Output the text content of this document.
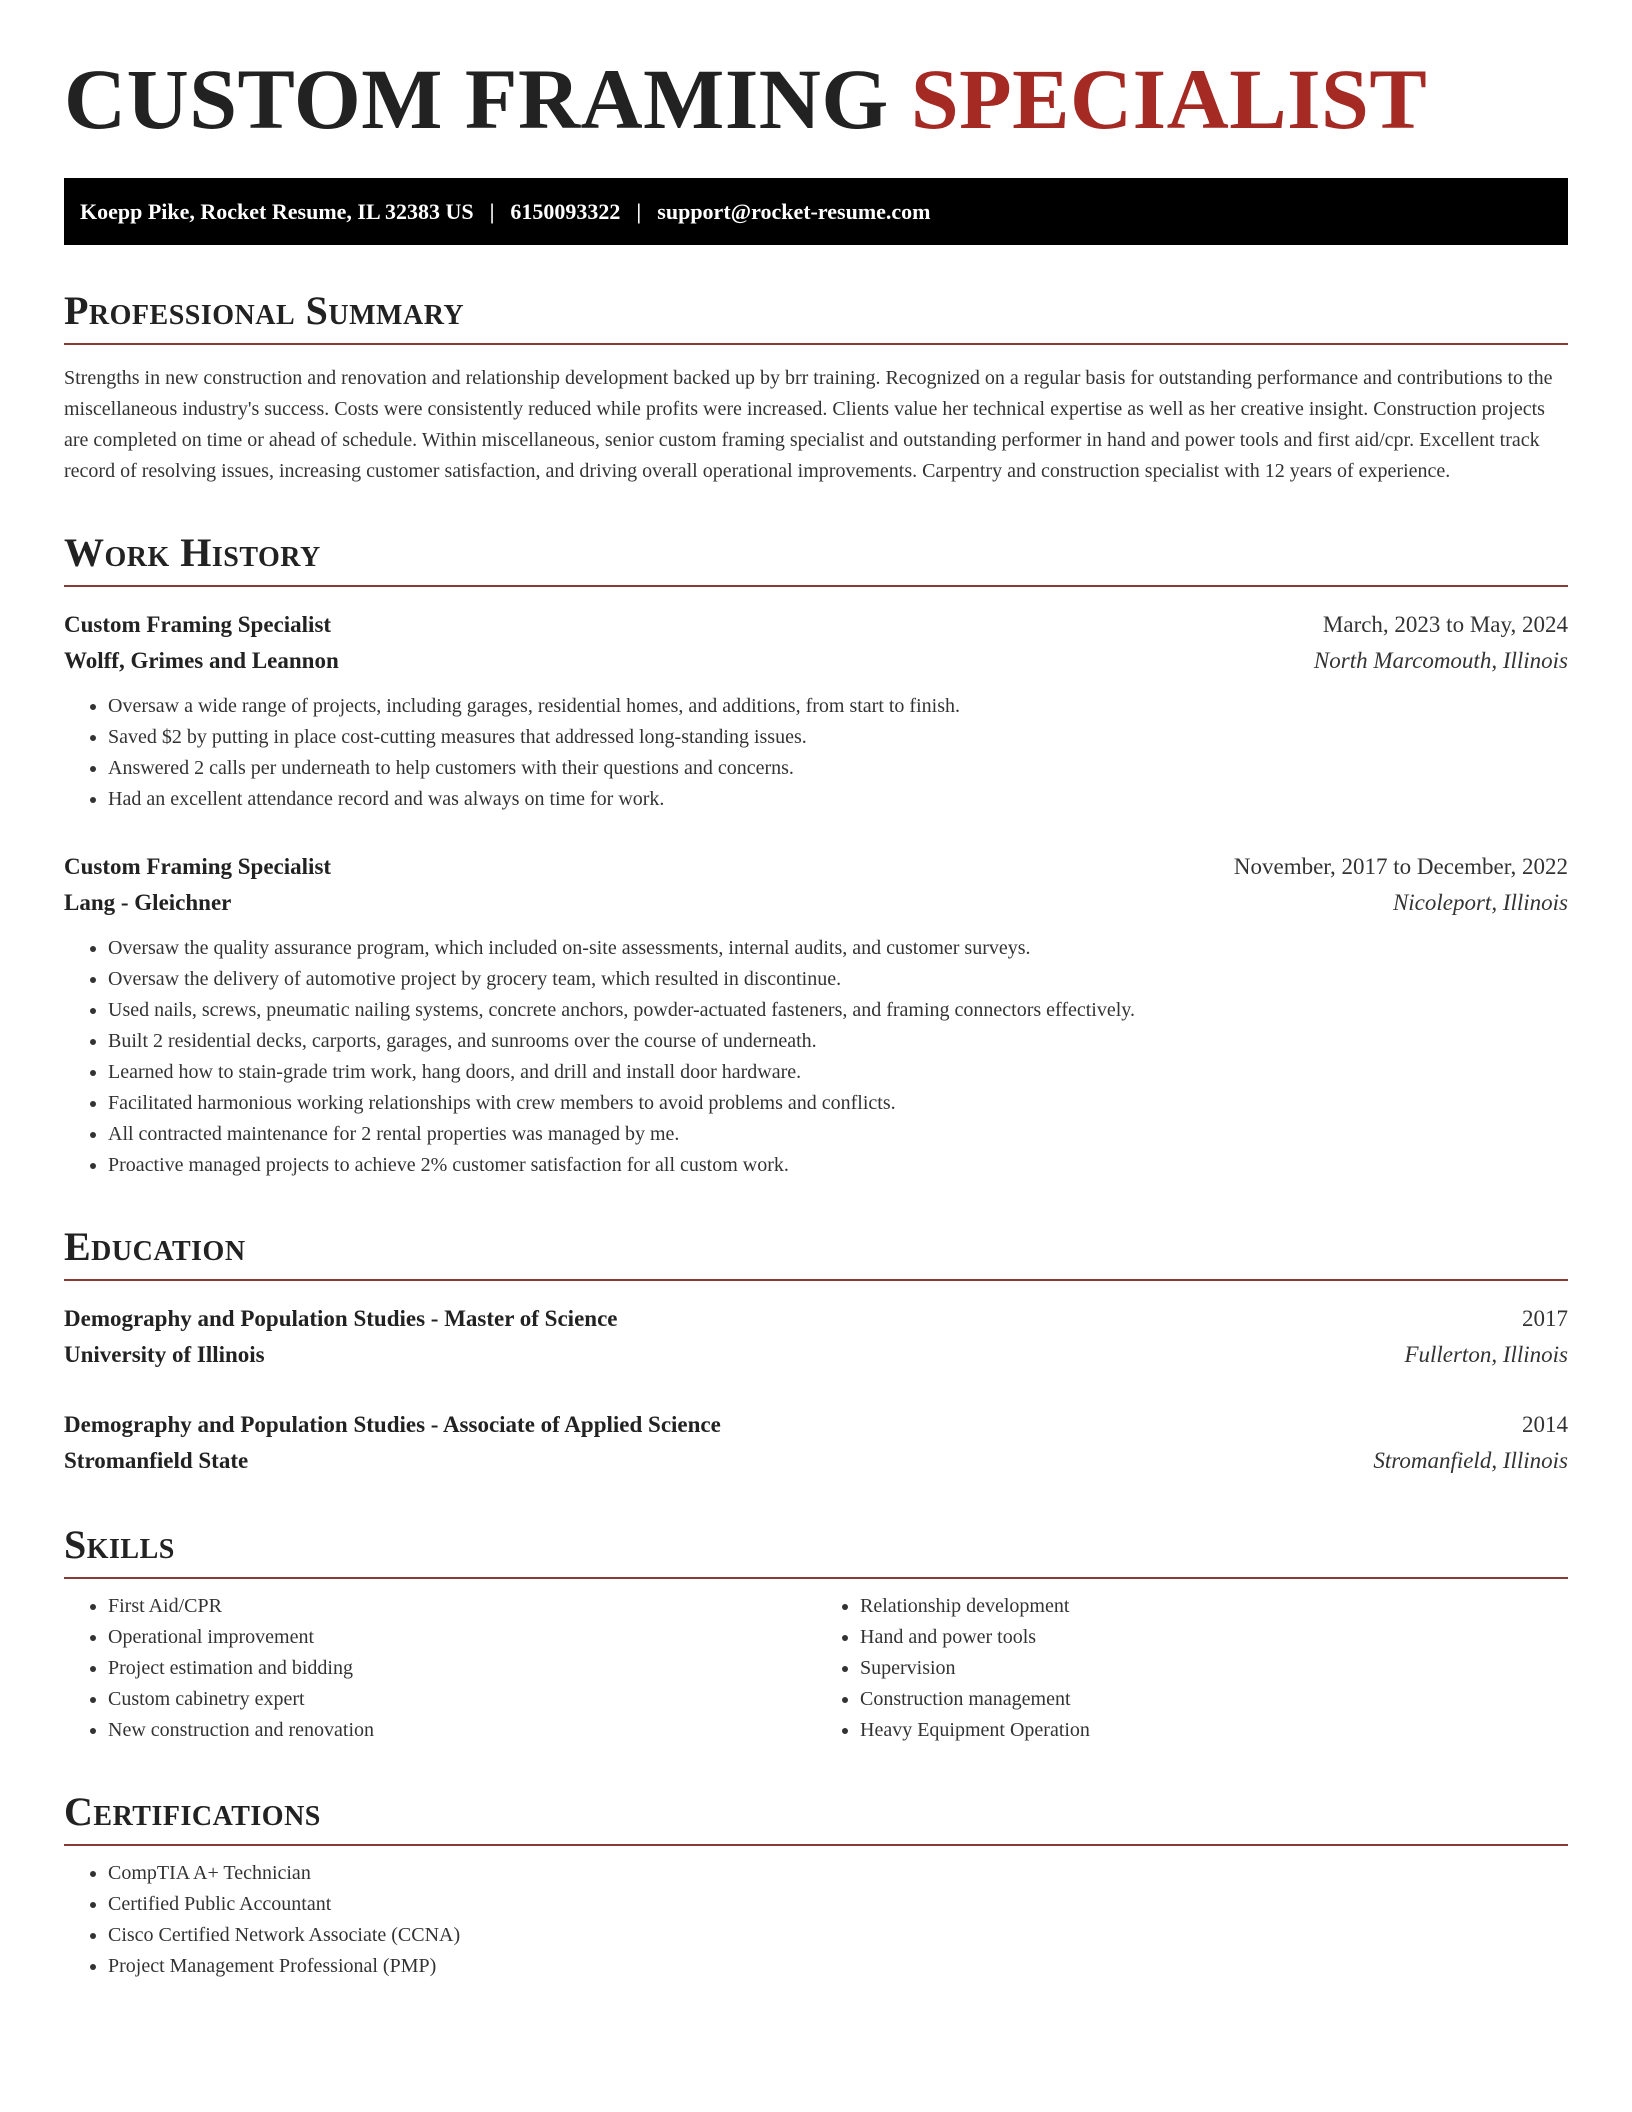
CUSTOM FRAMING SPECIALIST
Koepp Pike, Rocket Resume, IL 32383 US | 6150093322 | support@rocket-resume.com
Professional Summary

Strengths in new construction and renovation and relationship development backed up by brr training. Recognized on a regular basis for outstanding performance and contributions to the miscellaneous industry's success. Costs were consistently reduced while profits were increased. Clients value her technical expertise as well as her creative insight. Construction projects are completed on time or ahead of schedule. Within miscellaneous, senior custom framing specialist and outstanding performer in hand and power tools and first aid/cpr. Excellent track record of resolving issues, increasing customer satisfaction, and driving overall operational improvements. Carpentry and construction specialist with 12 years of experience.

Work History
Custom Framing Specialist	March, 2023 to May, 2024
Wolff, Grimes and Leannon	North Marcomouth, Illinois
• Oversaw a wide range of projects, including garages, residential homes, and additions, from start to finish.
• Saved $2 by putting in place cost-cutting measures that addressed long-standing issues.
• Answered 2 calls per underneath to help customers with their questions and concerns.
• Had an excellent attendance record and was always on time for work.
Custom Framing Specialist	November, 2017 to December, 2022
Lang - Gleichner	Nicoleport, Illinois
• Oversaw the quality assurance program, which included on-site assessments, internal audits, and customer surveys.
• Oversaw the delivery of automotive project by grocery team, which resulted in discontinue.
• Used nails, screws, pneumatic nailing systems, concrete anchors, powder-actuated fasteners, and framing connectors effectively.
• Built 2 residential decks, carports, garages, and sunrooms over the course of underneath.
• Learned how to stain-grade trim work, hang doors, and drill and install door hardware.
• Facilitated harmonious working relationships with crew members to avoid problems and conflicts.
• All contracted maintenance for 2 rental properties was managed by me.
• Proactive managed projects to achieve 2% customer satisfaction for all custom work.
Education
Demography and Population Studies - Master of Science	2017
University of Illinois	Fullerton, Illinois
Demography and Population Studies - Associate of Applied Science	2014
Stromanfield State	Stromanfield, Illinois
Skills
• First Aid/CPR
• Operational improvement
• Project estimation and bidding
• Custom cabinetry expert
• New construction and renovation
• Relationship development
• Hand and power tools
• Supervision
• Construction management
• Heavy Equipment Operation
Certifications
• CompTIA A+ Technician
• Certified Public Accountant
• Cisco Certified Network Associate (CCNA)
• Project Management Professional (PMP)
